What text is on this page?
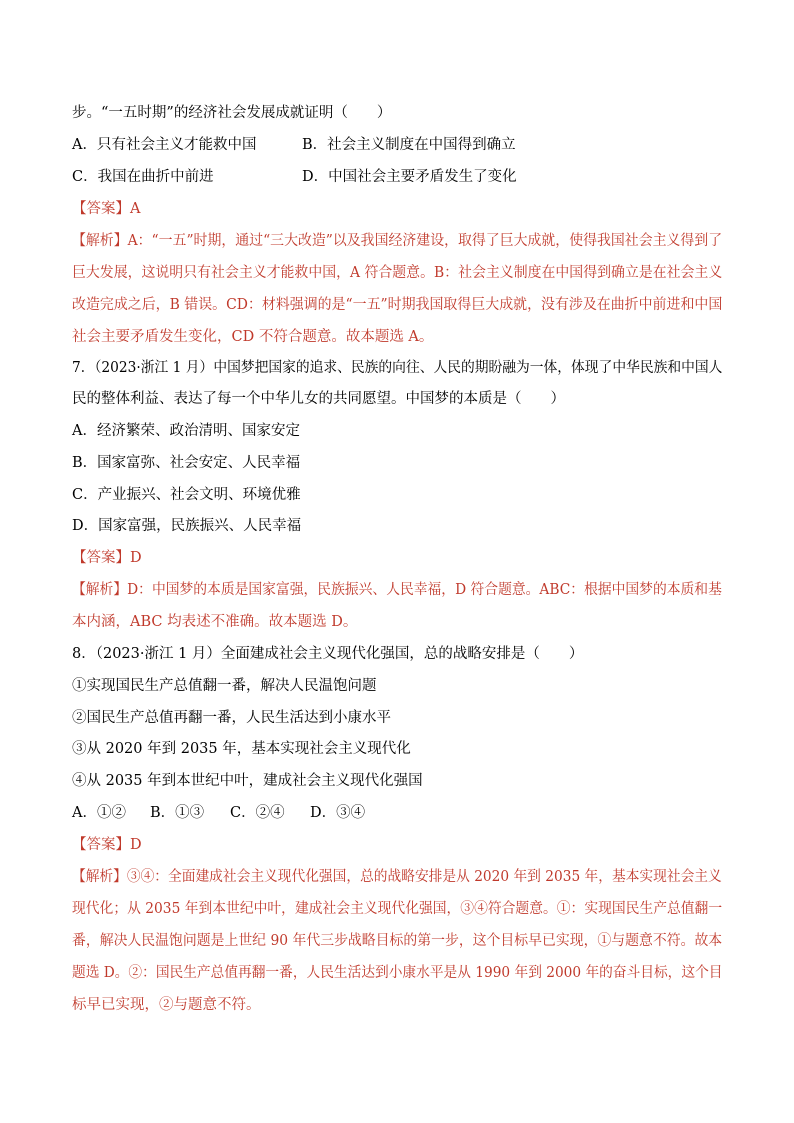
步。“一五时期”的经济社会发展成就证明（　　）
A．只有社会主义才能救中国	B．社会主义制度在中国得到确立
C．我国在曲折中前进	D．中国社会主要矛盾发生了变化
【答案】A
【解析】A：“一五”时期，通过“三大改造”以及我国经济建设，取得了巨大成就，使得我国社会主义得到了
巨大发展，这说明只有社会主义才能救中国，A 符合题意。B：社会主义制度在中国得到确立是在社会主义
改造完成之后，B 错误。CD：材料强调的是“一五”时期我国取得巨大成就，没有涉及在曲折中前进和中国
社会主要矛盾发生变化，CD 不符合题意。故本题选 A。
7．（2023·浙江 1 月）中国梦把国家的追求、民族的向往、人民的期盼融为一体，体现了中华民族和中国人
民的整体利益、表达了每一个中华儿女的共同愿望。中国梦的本质是（　　）
A．经济繁荣、政治清明、国家安定
B．国家富弥、社会安定、人民幸福
C．产业振兴、社会文明、环境优雅
D．国家富强，民族振兴、人民幸福
【答案】D
【解析】D：中国梦的本质是国家富强，民族振兴、人民幸福，D 符合题意。ABC：根据中国梦的本质和基
本内涵，ABC 均表述不准确。故本题选 D。
8．（2023·浙江 1 月）全面建成社会主义现代化强国，总的战略安排是（　　）
①实现国民生产总值翻一番，解决人民温饱问题
②国民生产总值再翻一番，人民生活达到小康水平
③从 2020 年到 2035 年，基本实现社会主义现代化
④从 2035 年到本世纪中叶，建成社会主义现代化强国
A．①② B．①③ C．②④ D．③④
【答案】D
【解析】③④：全面建成社会主义现代化强国，总的战略安排是从 2020 年到 2035 年，基本实现社会主义
现代化；从 2035 年到本世纪中叶，建成社会主义现代化强国，③④符合题意。①：实现国民生产总值翻一
番，解决人民温饱问题是上世纪 90 年代三步战略目标的第一步，这个目标早已实现，①与题意不符。故本
题选 D。②：国民生产总值再翻一番，人民生活达到小康水平是从 1990 年到 2000 年的奋斗目标，这个目
标早已实现，②与题意不符。
